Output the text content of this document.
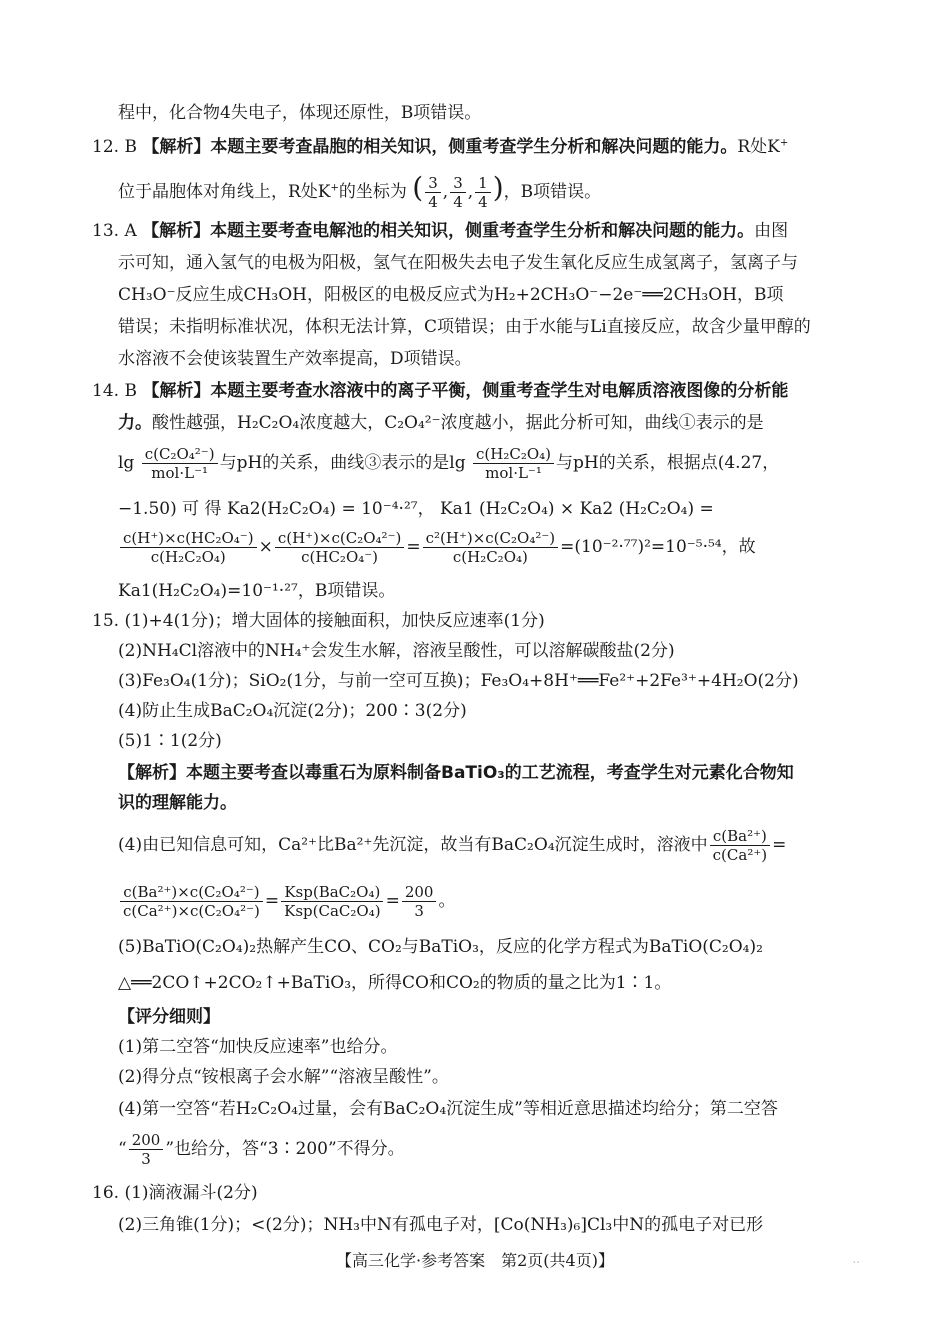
程中，化合物4失电子，体现还原性，B项错误。
12. B 【解析】本题主要考查晶胞的相关知识，侧重考查学生分析和解决问题的能力。R处K+
位于晶胞体对角线上，R处K+的坐标为 ( $\frac{3}{4}$ , $\frac{3}{4}$ , $\frac{1}{4}$ )，B项错误。
13. A 【解析】本题主要考查电解池的相关知识，侧重考查学生分析和解决问题的能力。由图
示可知，通入氢气的电极为阳极，氢气在阳极失去电子发生氧化反应生成氢离子，氢离子与
CH₃O⁻反应生成CH₃OH，阳极区的电极反应式为H₂+2CH₃O⁻−2e⁻══2CH₃OH，B项
错误；未指明标准状况，体积无法计算，C项错误；由于水能与Li直接反应，故含少量甲醇的
水溶液不会使该装置生产效率提高，D项错误。
14. B 【解析】本题主要考查水溶液中的离子平衡，侧重考查学生对电解质溶液图像的分析能
力。酸性越强，H₂C₂O₄浓度越大，C₂O₄²⁻浓度越小，据此分析可知，曲线①表示的是
$\lg \frac{\text{c(C₂O₄²⁻)}}{\text{mol·L⁻¹}}$ 与pH的关系，曲线③表示的是$\lg \frac{\text{c(H₂C₂O₄)}}{\text{mol·L⁻¹}}$ 与pH的关系，根据点(4.27，
−1.50) 可 得 Ka2(H₂C₂O₄) = 10⁻⁴·²⁷， Ka1 (H₂C₂O₄) × Ka2 (H₂C₂O₄) =
$\frac{\text{c(H⁺)×c(HC₂O₄⁻)}}{\text{c(H₂C₂O₄)}} \times \frac{\text{c(H⁺)×c(C₂O₄²⁻)}}{\text{c(HC₂O₄⁻)}} = \frac{\text{c²(H⁺)×c(C₂O₄²⁻)}}{\text{c(H₂C₂O₄)}} =(10^{-2}\cdot^{77})^2=10^{-5}\cdot^{54}$，故
Ka1(H₂C₂O₄)=10⁻¹·²⁷，B项错误。
15. (1)+4(1分)；增大固体的接触面积，加快反应速率(1分)
(2)NH₄Cl溶液中的NH₄⁺会发生水解，溶液呈酸性，可以溶解碳酸盐(2分)
(3)Fe₃O₄(1分)；SiO₂(1分，与前一空可互换)；Fe₃O₄+8H⁺══Fe²⁺+2Fe³⁺+4H₂O(2分)
(4)防止生成BaC₂O₄沉淀(2分)；200∶3(2分)
(5)1∶1(2分)
【解析】本题主要考查以毒重石为原料制备BaTiO₃的工艺流程，考查学生对元素化合物知
识的理解能力。
(4)由已知信息可知，Ca²⁺比Ba²⁺先沉淀，故当有BaC₂O₄沉淀生成时，溶液中 $\frac{\text{c(Ba²⁺)}}{\text{c(Ca²⁺)}}$ =
$\frac{\text{c(Ba²⁺)×c(C₂O₄²⁻)}}{\text{c(Ca²⁺)×c(C₂O₄²⁻)}} = \frac{\text{Ksp(BaC₂O₄)}}{\text{Ksp(CaC₂O₄)}} = \frac{200}{3}$ 。
(5)BaTiO(C₂O₄)₂热解产生CO、CO₂与BaTiO₃，反应的化学方程式为BaTiO(C₂O₄)₂
△══2CO↑+2CO₂↑+BaTiO₃，所得CO和CO₂的物质的量之比为1∶1。
【评分细则】
(1)第二空答“加快反应速率”也给分。
(2)得分点“铵根离子会水解”“溶液呈酸性”。
(4)第一空答“若H₂C₂O₄过量，会有BaC₂O₄沉淀生成”等相近意思描述均给分；第二空答
“ $\frac{200}{3}$ ”也给分，答“3∶200”不得分。
16. (1)滴液漏斗(2分)
(2)三角锥(1分)；<(2分)；NH₃中N有孤电子对，[Co(NH₃)₆]Cl₃中N的孤电子对已形
【高三化学·参考答案　第2页(共4页)】	..
